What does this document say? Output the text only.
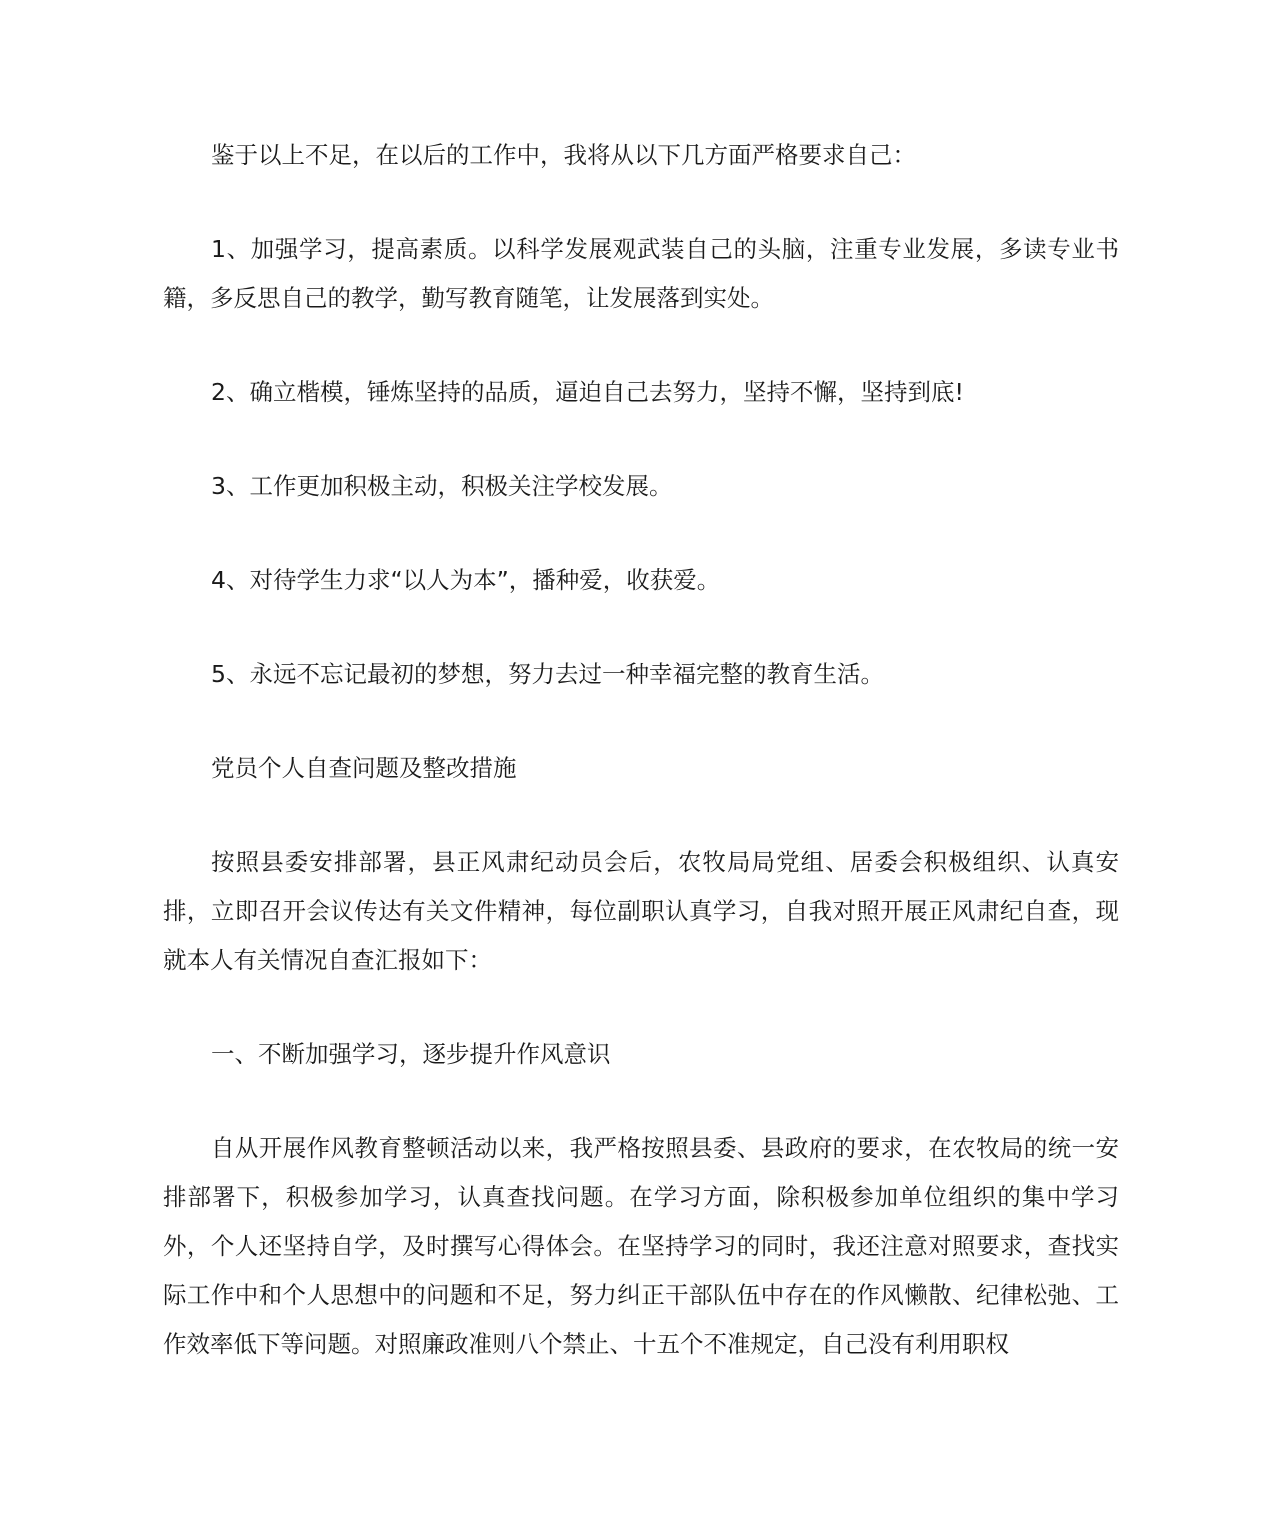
鉴于以上不足，在以后的工作中，我将从以下几方面严格要求自己：

1、加强学习，提高素质。以科学发展观武装自己的头脑，注重专业发展，多读专业书籍，多反思自己的教学，勤写教育随笔，让发展落到实处。

2、确立楷模，锤炼坚持的品质，逼迫自己去努力，坚持不懈，坚持到底!

3、工作更加积极主动，积极关注学校发展。

4、对待学生力求“以人为本”，播种爱，收获爱。

5、永远不忘记最初的梦想，努力去过一种幸福完整的教育生活。

党员个人自查问题及整改措施

按照县委安排部署，县正风肃纪动员会后，农牧局局党组、居委会积极组织、认真安排，立即召开会议传达有关文件精神，每位副职认真学习，自我对照开展正风肃纪自查，现就本人有关情况自查汇报如下：

一、不断加强学习，逐步提升作风意识

自从开展作风教育整顿活动以来，我严格按照县委、县政府的要求，在农牧局的统一安排部署下，积极参加学习，认真查找问题。在学习方面，除积极参加单位组织的集中学习外，个人还坚持自学，及时撰写心得体会。在坚持学习的同时，我还注意对照要求，查找实际工作中和个人思想中的问题和不足，努力纠正干部队伍中存在的作风懒散、纪律松弛、工作效率低下等问题。对照廉政准则八个禁止、十五个不准规定，自己没有利用职权
